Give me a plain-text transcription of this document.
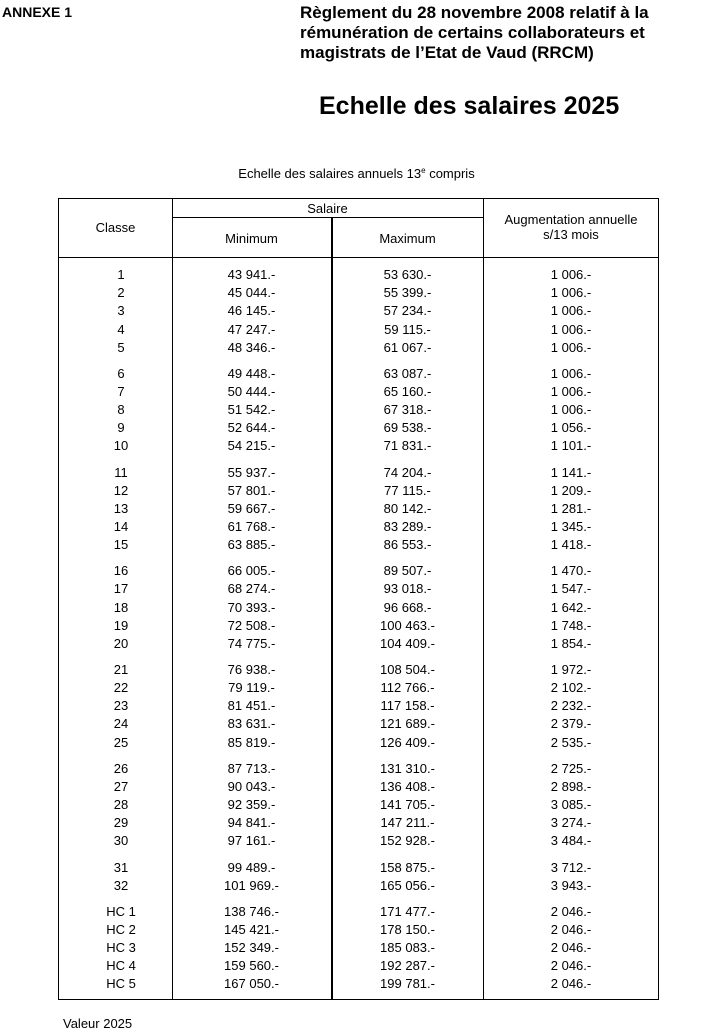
ANNEXE 1	Règlement du 28 novembre 2008 relatif à la
rémunération de certains collaborateurs et
magistrats de l’Etat de Vaud (RRCM)
Echelle des salaires 2025
Echelle des salaires annuels 13e compris
Classe
Salaire
Minimum	Maximum
Augmentation annuelle
s/13 mois
1	43 941.-	53 630.-	1 006.-
2	45 044.-	55 399.-	1 006.-
3	46 145.-	57 234.-	1 006.-
4	47 247.-	59 115.-	1 006.-
5	48 346.-	61 067.-	1 006.-
6	49 448.-	63 087.-	1 006.-
7	50 444.-	65 160.-	1 006.-
8	51 542.-	67 318.-	1 006.-
9	52 644.-	69 538.-	1 056.-
10	54 215.-	71 831.-	1 101.-
11	55 937.-	74 204.-	1 141.-
12	57 801.-	77 115.-	1 209.-
13	59 667.-	80 142.-	1 281.-
14	61 768.-	83 289.-	1 345.-
15	63 885.-	86 553.-	1 418.-
16	66 005.-	89 507.-	1 470.-
17	68 274.-	93 018.-	1 547.-
18	70 393.-	96 668.-	1 642.-
19	72 508.-	100 463.-	1 748.-
20	74 775.-	104 409.-	1 854.-
21	76 938.-	108 504.-	1 972.-
22	79 119.-	112 766.-	2 102.-
23	81 451.-	117 158.-	2 232.-
24	83 631.-	121 689.-	2 379.-
25	85 819.-	126 409.-	2 535.-
26	87 713.-	131 310.-	2 725.-
27	90 043.-	136 408.-	2 898.-
28	92 359.-	141 705.-	3 085.-
29	94 841.-	147 211.-	3 274.-
30	97 161.-	152 928.-	3 484.-
31	99 489.-	158 875.-	3 712.-
32	101 969.-	165 056.-	3 943.-
HC 1	138 746.-	171 477.-	2 046.-
HC 2	145 421.-	178 150.-	2 046.-
HC 3	152 349.-	185 083.-	2 046.-
HC 4	159 560.-	192 287.-	2 046.-
HC 5	167 050.-	199 781.-	2 046.-
Valeur 2025
